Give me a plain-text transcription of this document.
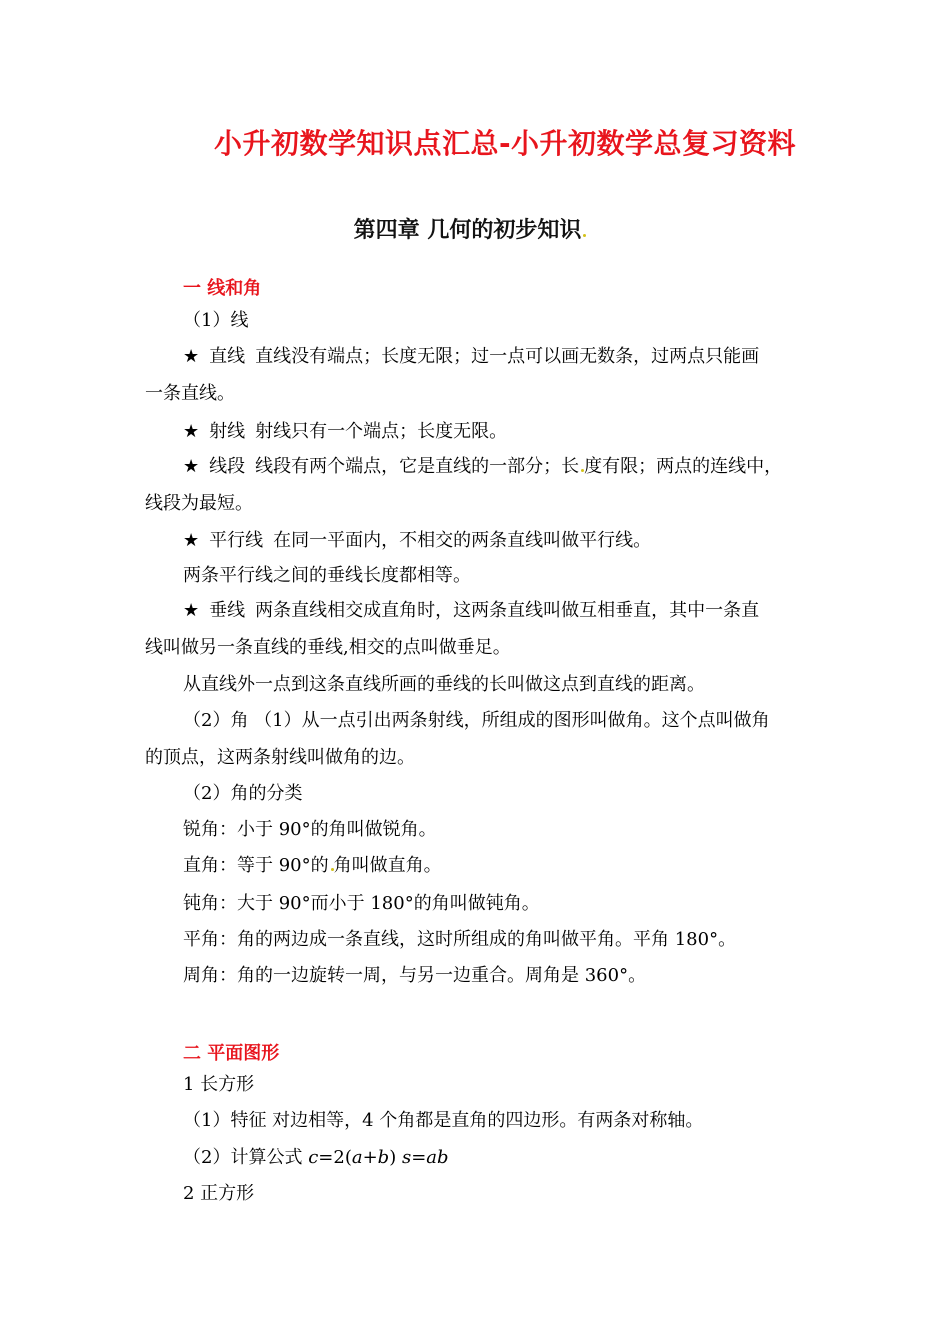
小升初数学知识点汇总-小升初数学总复习资料
第四章 几何的初步知识
一 线和角
（1）线
★ 直线 直线没有端点；长度无限；过一点可以画无数条，过两点只能画
一条直线。
★ 射线 射线只有一个端点；长度无限。
★ 线段 线段有两个端点，它是直线的一部分；长 度有限；两点的连线中，
线段为最短。
★ 平行线 在同一平面内，不相交的两条直线叫做平行线。
两条平行线之间的垂线长度都相等。
★ 垂线 两条直线相交成直角时，这两条直线叫做互相垂直，其中一条直
线叫做另一条直线的垂线,相交的点叫做垂足。
从直线外一点到这条直线所画的垂线的长叫做这点到直线的距离。
（2）角 （1）从一点引出两条射线，所组成的图形叫做角。这个点叫做角
的顶点，这两条射线叫做角的边。
（2）角的分类
锐角：小于 90°的角叫做锐角。
直角：等于 90°的 角叫做直角。
钝角：大于 90°而小于 180°的角叫做钝角。
平角：角的两边成一条直线，这时所组成的角叫做平角。平角 180°。
周角：角的一边旋转一周，与另一边重合。周角是 360°。
二 平面图形
1 长方形
（1）特征 对边相等，4 个角都是直角的四边形。有两条对称轴。
（2）计算公式 c=2(a+b) s=ab
2 正方形
